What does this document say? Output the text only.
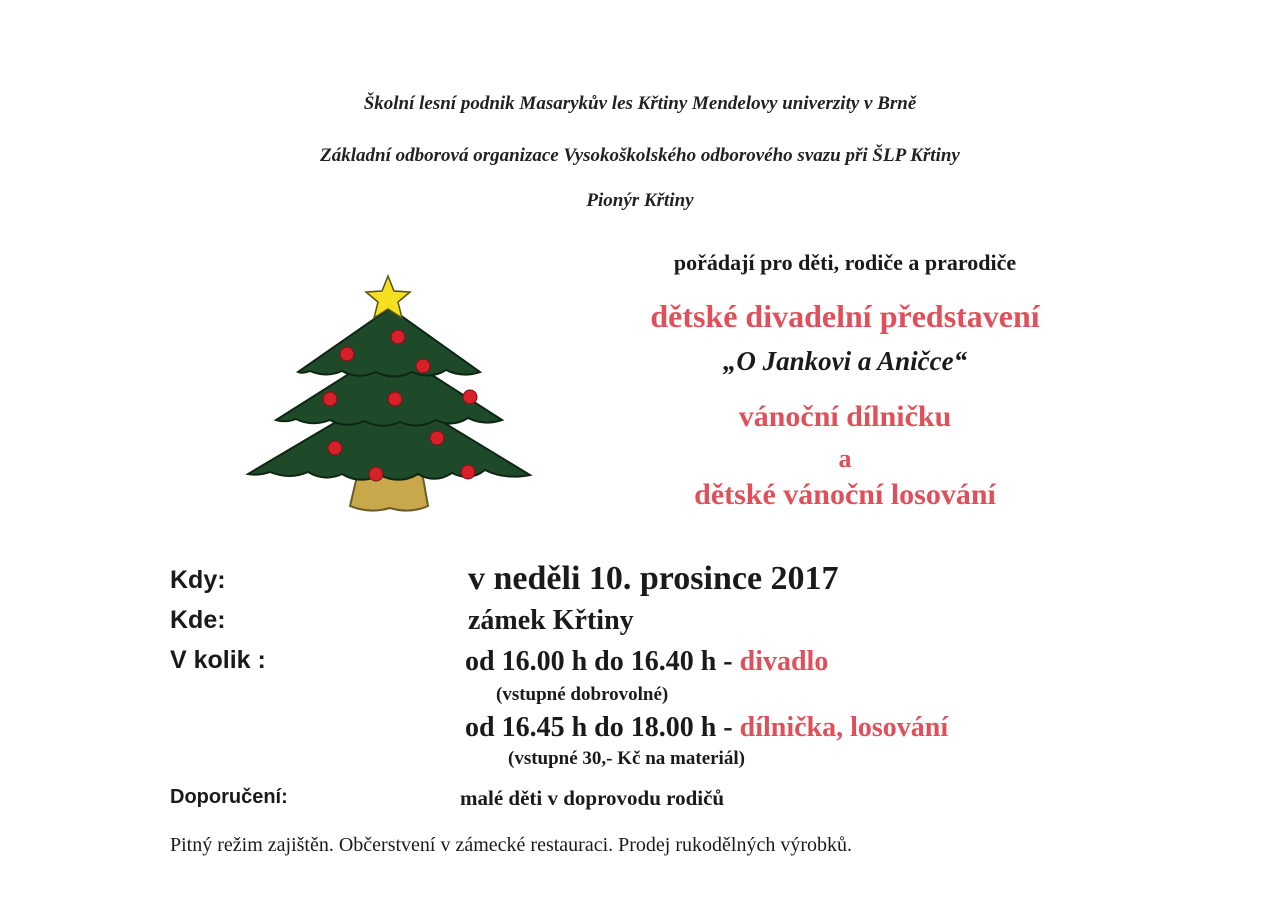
Školní lesní podnik Masarykův les Křtiny Mendelovy univerzity v Brně
Základní odborová organizace Vysokoškolského odborového svazu při ŠLP Křtiny
Pionýr Křtiny
pořádají pro děti, rodiče a prarodiče
dětské divadelní představení
„O Jankovi a Aničce“
vánoční dílničku
a
dětské vánoční losování
Kdy:	v neděli 10. prosince 2017
Kde:	zámek Křtiny
V kolik :	od 16.00 h do 16.40 h - divadlo
(vstupné dobrovolné)
od 16.45 h do 18.00 h - dílnička, losování
(vstupné 30,- Kč na materiál)
Doporučení:	malé děti v doprovodu rodičů
Pitný režim zajištěn. Občerstvení v zámecké restauraci. Prodej rukodělných výrobků.
